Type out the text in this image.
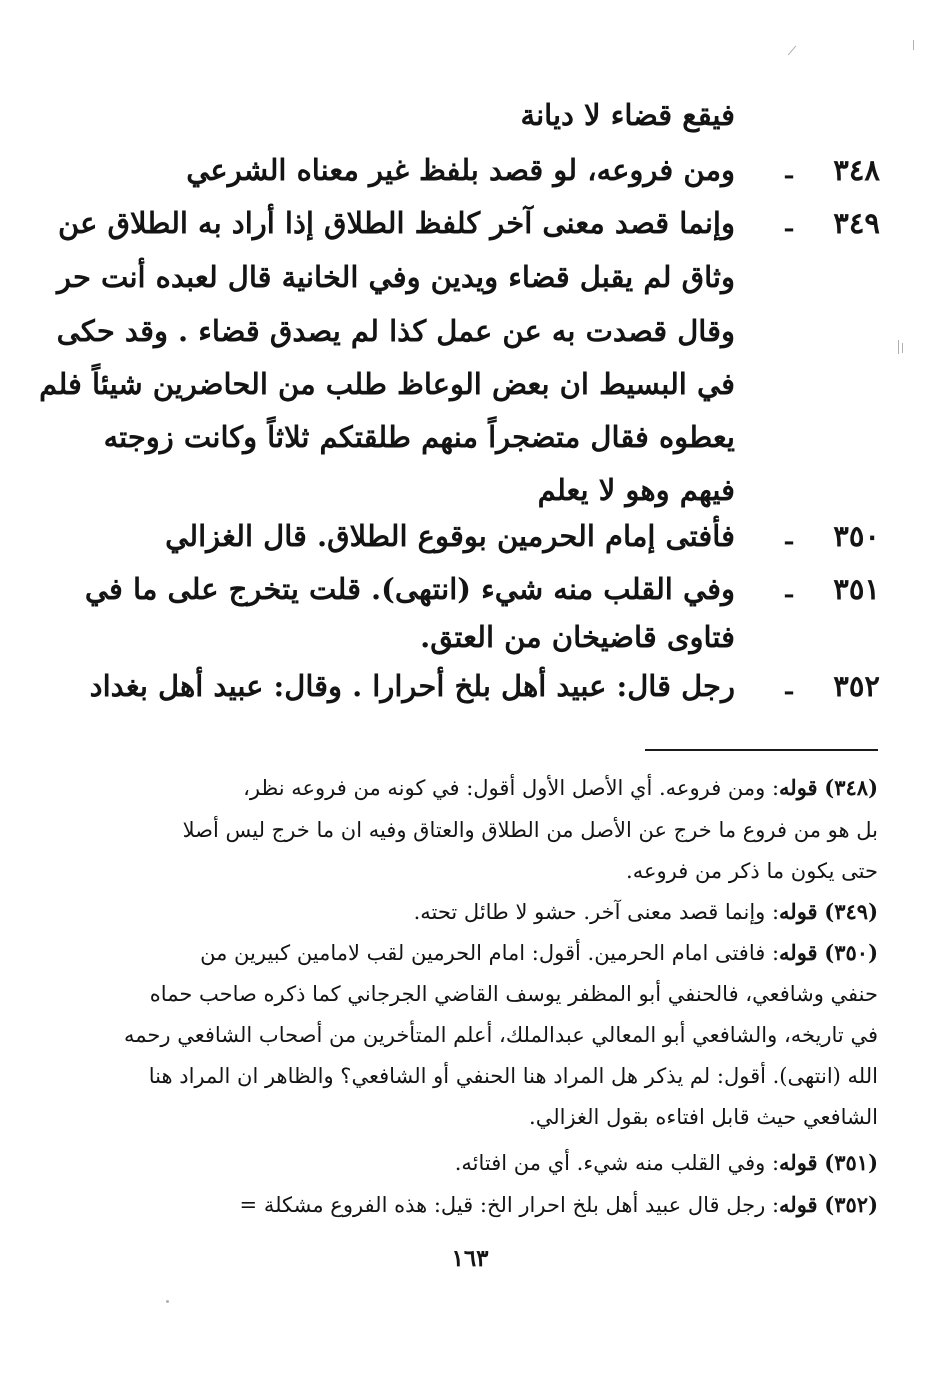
فيقع قضاء لا ديانة
٣٤٨
ـ
ومن فروعه، لو قصد بلفظ غير معناه الشرعي
٣٤٩
ـ
وإنما قصد معنى آخر كلفظ الطلاق إذا أراد به الطلاق عن
وثاق لم يقبل قضاء ويدين وفي الخانية قال لعبده أنت حر
وقال قصدت به عن عمل كذا لم يصدق قضاء . وقد حكى
في البسيط ان بعض الوعاظ طلب من الحاضرين شيئاً فلم
يعطوه فقال متضجراً منهم طلقتكم ثلاثاً وكانت زوجته
فيهم وهو لا يعلم
٣٥٠
ـ
فأفتى إمام الحرمين بوقوع الطلاق. قال الغزالي
٣٥١
ـ
وفي القلب منه شيء (انتهى). قلت يتخرج على ما في
فتاوى قاضيخان من العتق.
٣٥٢
ـ
رجل قال: عبيد أهل بلخ أحرارا . وقال: عبيد أهل بغداد
(٣٤٨) قوله: ومن فروعه. أي الأصل الأول أقول: في كونه من فروعه نظر،
بل هو من فروع ما خرج عن الأصل من الطلاق والعتاق وفيه ان ما خرج ليس أصلا
حتى يكون ما ذكر من فروعه.
(٣٤٩) قوله: وإنما قصد معنى آخر. حشو لا طائل تحته.
(٣٥٠) قوله: فافتى امام الحرمين. أقول: امام الحرمين لقب لامامين كبيرين من
حنفي وشافعي، فالحنفي أبو المظفر يوسف القاضي الجرجاني كما ذكره صاحب حماه
في تاريخه، والشافعي أبو المعالي عبدالملك، أعلم المتأخرين من أصحاب الشافعي رحمه
الله (انتهى). أقول: لم يذكر هل المراد هنا الحنفي أو الشافعي؟ والظاهر ان المراد هنا
الشافعي حيث قابل افتاءه بقول الغزالي.
(٣٥١) قوله: وفي القلب منه شيء. أي من افتائه.
(٣٥٢) قوله: رجل قال عبيد أهل بلخ احرار الخ: قيل: هذه الفروع مشكلة =
١٦٣
